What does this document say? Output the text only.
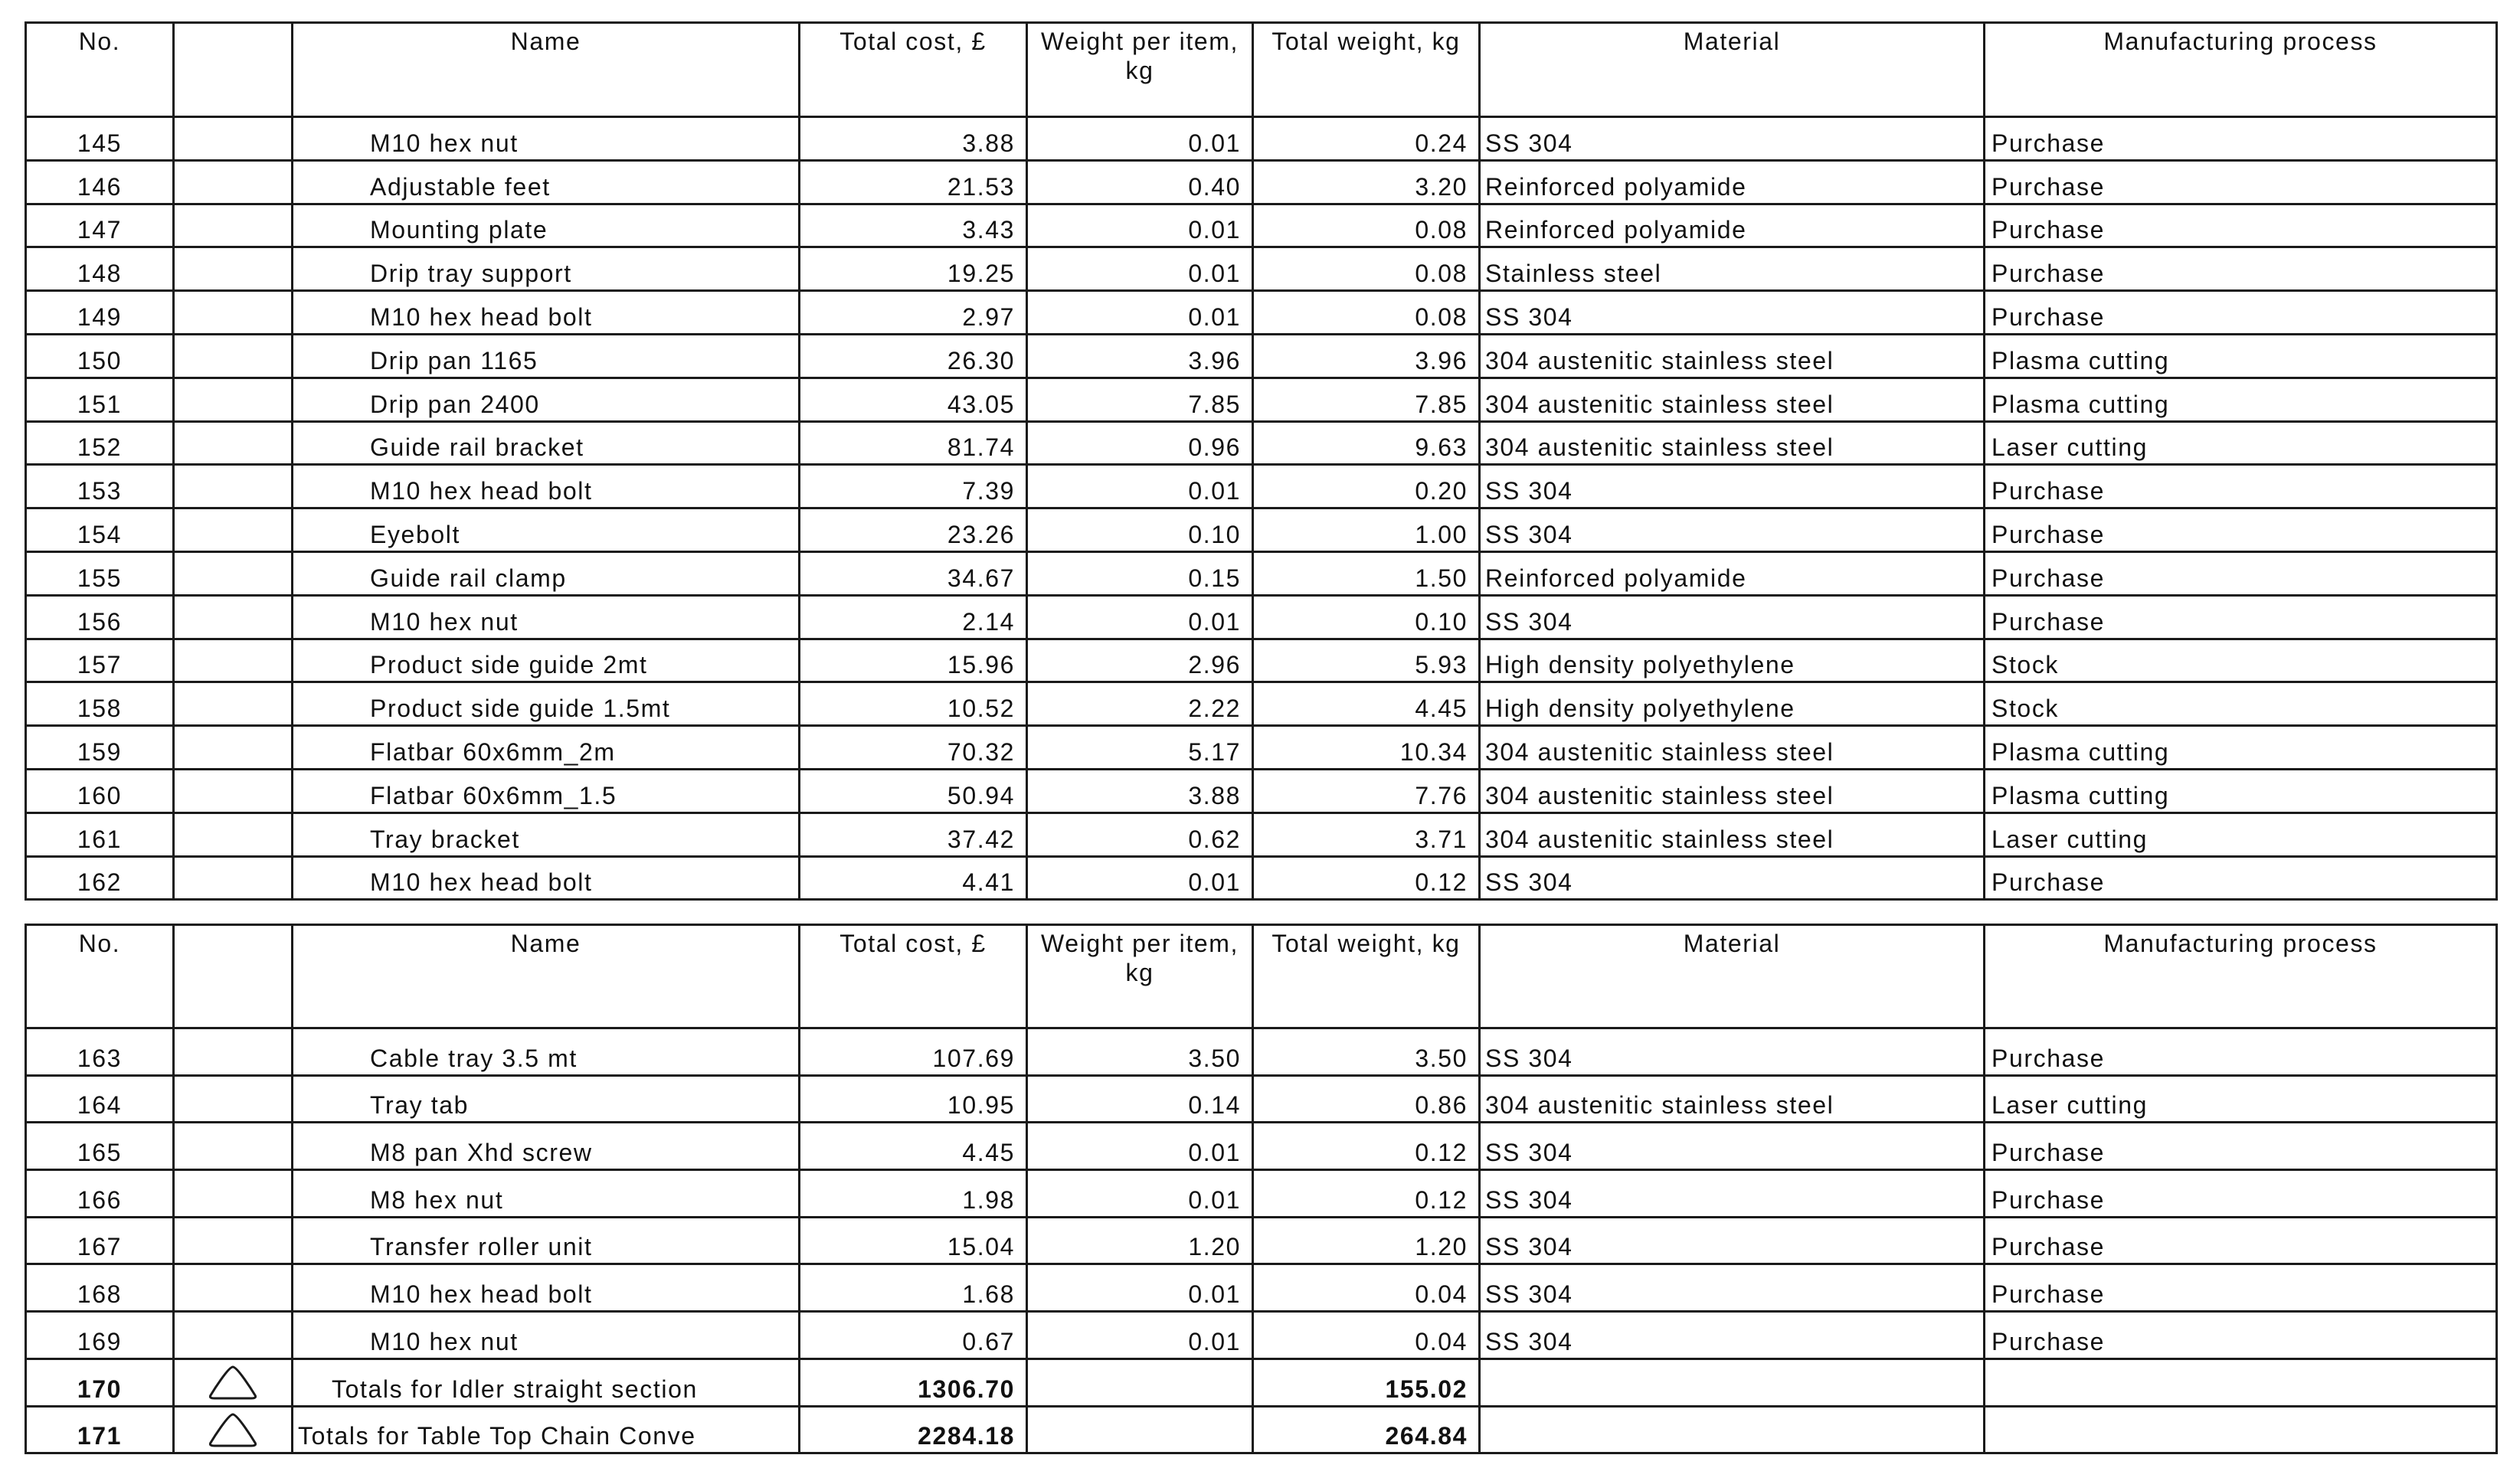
No.		Name	Total cost, £	Weight per item, kg	Total weight, kg	Material	Manufacturing process
145		M10 hex nut	3.88	0.01	0.24	SS 304	Purchase
146		Adjustable feet	21.53	0.40	3.20	Reinforced polyamide	Purchase
147		Mounting plate	3.43	0.01	0.08	Reinforced polyamide	Purchase
148		Drip tray support	19.25	0.01	0.08	Stainless steel	Purchase
149		M10 hex head bolt	2.97	0.01	0.08	SS 304	Purchase
150		Drip pan 1165	26.30	3.96	3.96	304 austenitic stainless steel	Plasma cutting
151		Drip pan 2400	43.05	7.85	7.85	304 austenitic stainless steel	Plasma cutting
152		Guide rail bracket	81.74	0.96	9.63	304 austenitic stainless steel	Laser cutting
153		M10 hex head bolt	7.39	0.01	0.20	SS 304	Purchase
154		Eyebolt	23.26	0.10	1.00	SS 304	Purchase
155		Guide rail clamp	34.67	0.15	1.50	Reinforced polyamide	Purchase
156		M10 hex nut	2.14	0.01	0.10	SS 304	Purchase
157		Product side guide 2mt	15.96	2.96	5.93	High density polyethylene	Stock
158		Product side guide 1.5mt	10.52	2.22	4.45	High density polyethylene	Stock
159		Flatbar 60x6mm_2m	70.32	5.17	10.34	304 austenitic stainless steel	Plasma cutting
160		Flatbar 60x6mm_1.5	50.94	3.88	7.76	304 austenitic stainless steel	Plasma cutting
161		Tray bracket	37.42	0.62	3.71	304 austenitic stainless steel	Laser cutting
162		M10 hex head bolt	4.41	0.01	0.12	SS 304	Purchase
No.		Name	Total cost, £	Weight per item, kg	Total weight, kg	Material	Manufacturing process
163		Cable tray 3.5 mt	107.69	3.50	3.50	SS 304	Purchase
164		Tray tab	10.95	0.14	0.86	304 austenitic stainless steel	Laser cutting
165		M8 pan Xhd screw	4.45	0.01	0.12	SS 304	Purchase
166		M8 hex nut	1.98	0.01	0.12	SS 304	Purchase
167		Transfer roller unit	15.04	1.20	1.20	SS 304	Purchase
168		M10 hex head bolt	1.68	0.01	0.04	SS 304	Purchase
169		M10 hex nut	0.67	0.01	0.04	SS 304	Purchase
170		Totals for Idler straight section	1306.70		155.02		
171		Totals for Table Top Chain Conve	2284.18		264.84		
